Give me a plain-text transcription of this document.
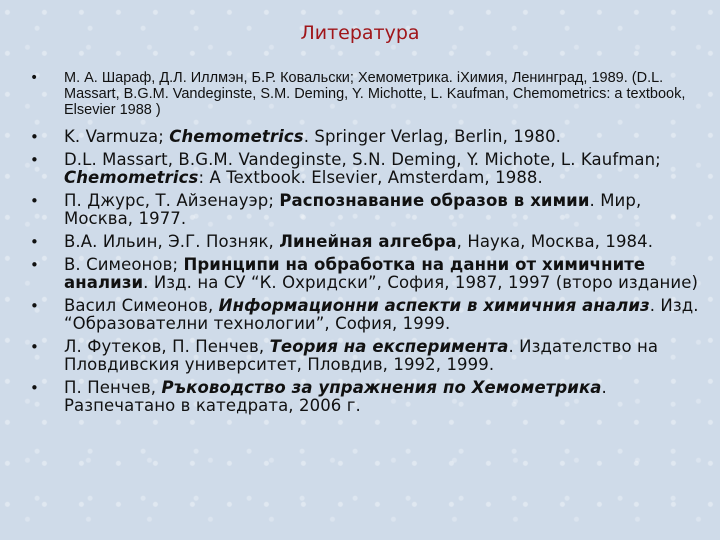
Литература
• М. А. Шараф, Д.Л. Иллмэн, Б.Р. Ковальски; Хемометрика. іХимия, Ленинград, 1989. (D.L. Massart, B.G.M. Vandeginste, S.M. Deming, Y. Michotte, L. Kaufman, Chemometrics: a textbook, Elsevier 1988 )
• K. Varmuza; Chemometrics. Springer Verlag, Berlin, 1980.
• D.L. Massart, B.G.M. Vandeginste, S.N. Deming, Y. Michote, L. Kaufman; Chemometrics: A Textbook. Elsevier, Amsterdam, 1988.
• П. Джурс, Т. Айзенауэр; Распознавание образов в химии. Мир, Москва, 1977.
• В.А. Ильин, Э.Г. Позняк, Линейная алгебра, Наука, Москва, 1984.
• В. Симеонов; Принципи на обработка на данни от химичните анализи. Изд. на СУ “К. Охридски”, София, 1987, 1997 (второ издание)
• Васил Симеонов, Информационни аспекти в химичния анализ. Изд. “Образователни технологии”, София, 1999.
• Л. Футеков, П. Пенчев, Теория на експеримента. Издателство на Пловдивския университет, Пловдив, 1992, 1999.
• П. Пенчев, Ръководство за упражнения по Хемометрика. Разпечатано в катедрата, 2006 г.
